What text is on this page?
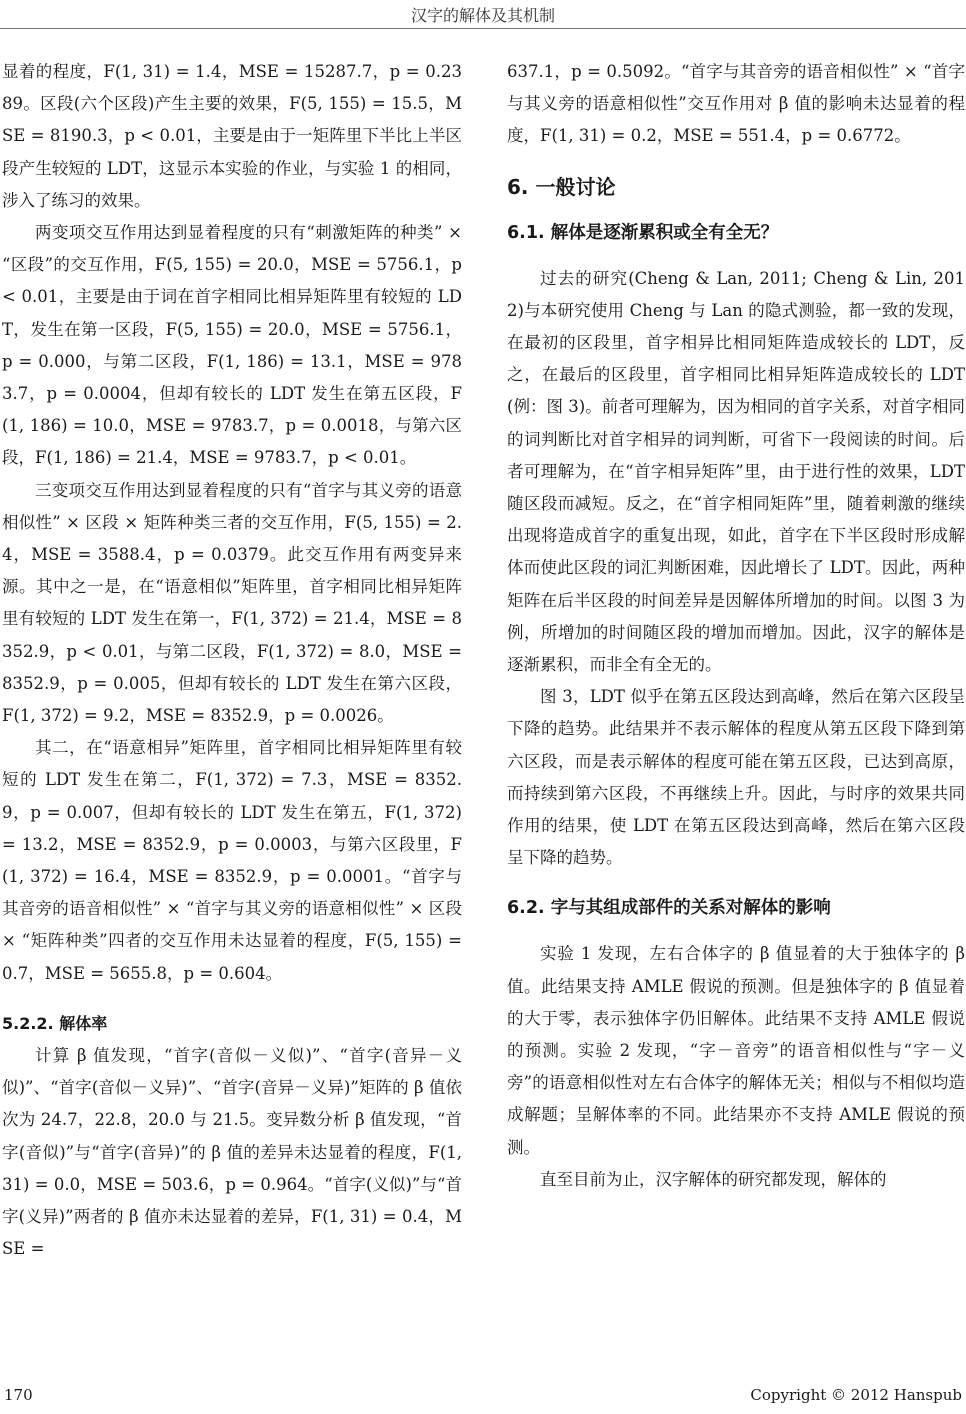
汉字的解体及其机制

显着的程度，F(1, 31) = 1.4，MSE = 15287.7，p = 0.2389。区段(六个区段)产生主要的效果，F(5, 155) = 15.5，MSE = 8190.3，p < 0.01，主要是由于一矩阵里下半比上半区段产生较短的 LDT，这显示本实验的作业，与实验 1 的相同，涉入了练习的效果。

两变项交互作用达到显着程度的只有“刺激矩阵的种类” × “区段”的交互作用，F(5, 155) = 20.0，MSE = 5756.1，p < 0.01，主要是由于词在首字相同比相异矩阵里有较短的 LDT，发生在第一区段，F(5, 155) = 20.0，MSE = 5756.1，p = 0.000，与第二区段，F(1, 186) = 13.1，MSE = 9783.7，p = 0.0004，但却有较长的 LDT 发生在第五区段，F(1, 186) = 10.0，MSE = 9783.7，p = 0.0018，与第六区段，F(1, 186) = 21.4，MSE = 9783.7，p < 0.01。

三变项交互作用达到显着程度的只有“首字与其义旁的语意相似性” × 区段 × 矩阵种类三者的交互作用，F(5, 155) = 2.4，MSE = 3588.4，p = 0.0379。此交互作用有两变异来源。其中之一是，在“语意相似”矩阵里，首字相同比相异矩阵里有较短的 LDT 发生在第一，F(1, 372) = 21.4，MSE = 8352.9，p < 0.01，与第二区段，F(1, 372) = 8.0，MSE = 8352.9，p = 0.005，但却有较长的 LDT 发生在第六区段，F(1, 372) = 9.2，MSE = 8352.9，p = 0.0026。

其二，在“语意相异”矩阵里，首字相同比相异矩阵里有较短的 LDT 发生在第二，F(1, 372) = 7.3，MSE = 8352.9，p = 0.007，但却有较长的 LDT 发生在第五，F(1, 372) = 13.2，MSE = 8352.9，p = 0.0003，与第六区段里，F(1, 372) = 16.4，MSE = 8352.9，p = 0.0001。“首字与其音旁的语音相似性” × “首字与其义旁的语意相似性” × 区段 × “矩阵种类”四者的交互作用未达显着的程度，F(5, 155) = 0.7，MSE = 5655.8，p = 0.604。

5.2.2. 解体率

计算 β 值发现，“首字(音似－义似)”、“首字(音异－义似)”、“首字(音似－义异)”、“首字(音异－义异)”矩阵的 β 值依次为 24.7，22.8，20.0 与 21.5。变异数分析 β 值发现，“首字(音似)”与“首字(音异)”的 β 值的差异未达显着的程度，F(1, 31) = 0.0，MSE = 503.6，p = 0.964。“首字(义似)”与“首字(义异)”两者的 β 值亦未达显着的差异，F(1, 31) = 0.4，MSE =

637.1，p = 0.5092。“首字与其音旁的语音相似性” × “首字与其义旁的语意相似性”交互作用对 β 值的影响未达显着的程度，F(1, 31) = 0.2，MSE = 551.4，p = 0.6772。

6. 一般讨论

6.1. 解体是逐渐累积或全有全无？

过去的研究(Cheng & Lan, 2011; Cheng & Lin, 2012)与本研究使用 Cheng 与 Lan 的隐式测验，都一致的发现，在最初的区段里，首字相异比相同矩阵造成较长的 LDT，反之，在最后的区段里，首字相同比相异矩阵造成较长的 LDT(例：图 3)。前者可理解为，因为相同的首字关系，对首字相同的词判断比对首字相异的词判断，可省下一段阅读的时间。后者可理解为，在“首字相异矩阵”里，由于进行性的效果，LDT 随区段而减短。反之，在“首字相同矩阵”里，随着刺激的继续出现将造成首字的重复出现，如此，首字在下半区段时形成解体而使此区段的词汇判断困难，因此增长了 LDT。因此，两种矩阵在后半区段的时间差异是因解体所增加的时间。以图 3 为例，所增加的时间随区段的增加而增加。因此，汉字的解体是逐渐累积，而非全有全无的。

图 3，LDT 似乎在第五区段达到高峰，然后在第六区段呈下降的趋势。此结果并不表示解体的程度从第五区段下降到第六区段，而是表示解体的程度可能在第五区段，已达到高原，而持续到第六区段，不再继续上升。因此，与时序的效果共同作用的结果，使 LDT 在第五区段达到高峰，然后在第六区段呈下降的趋势。

6.2. 字与其组成部件的关系对解体的影响

实验 1 发现，左右合体字的 β 值显着的大于独体字的 β 值。此结果支持 AMLE 假说的预测。但是独体字的 β 值显着的大于零，表示独体字仍旧解体。此结果不支持 AMLE 假说的预测。实验 2 发现，“字－音旁”的语音相似性与“字－义旁”的语意相似性对左右合体字的解体无关；相似与不相似均造成解题；呈解体率的不同。此结果亦不支持 AMLE 假说的预测。

直至目前为止，汉字解体的研究都发现，解体的

170	Copyright © 2012 Hanspub
